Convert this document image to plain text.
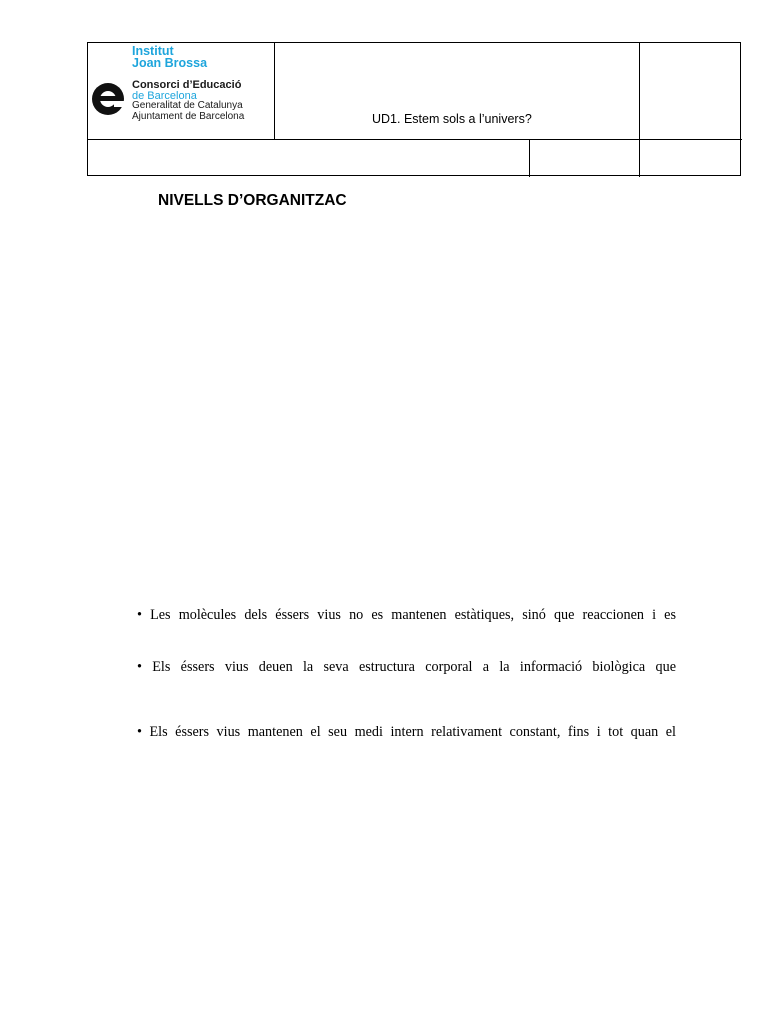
Institut
Joan Brossa
Consorci d’Educació
de Barcelona
Generalitat de Catalunya
Ajuntament de Barcelona	UD1. Estem sols a l’univers?
NIVELLS D’ORGANITZAC
• Les molècules dels éssers vius no es mantenen estàtiques, sinó que reaccionen i es
• Els éssers vius deuen la seva estructura corporal a la informació biològica que
• Els éssers vius mantenen el seu medi intern relativament constant, fins i tot quan el
